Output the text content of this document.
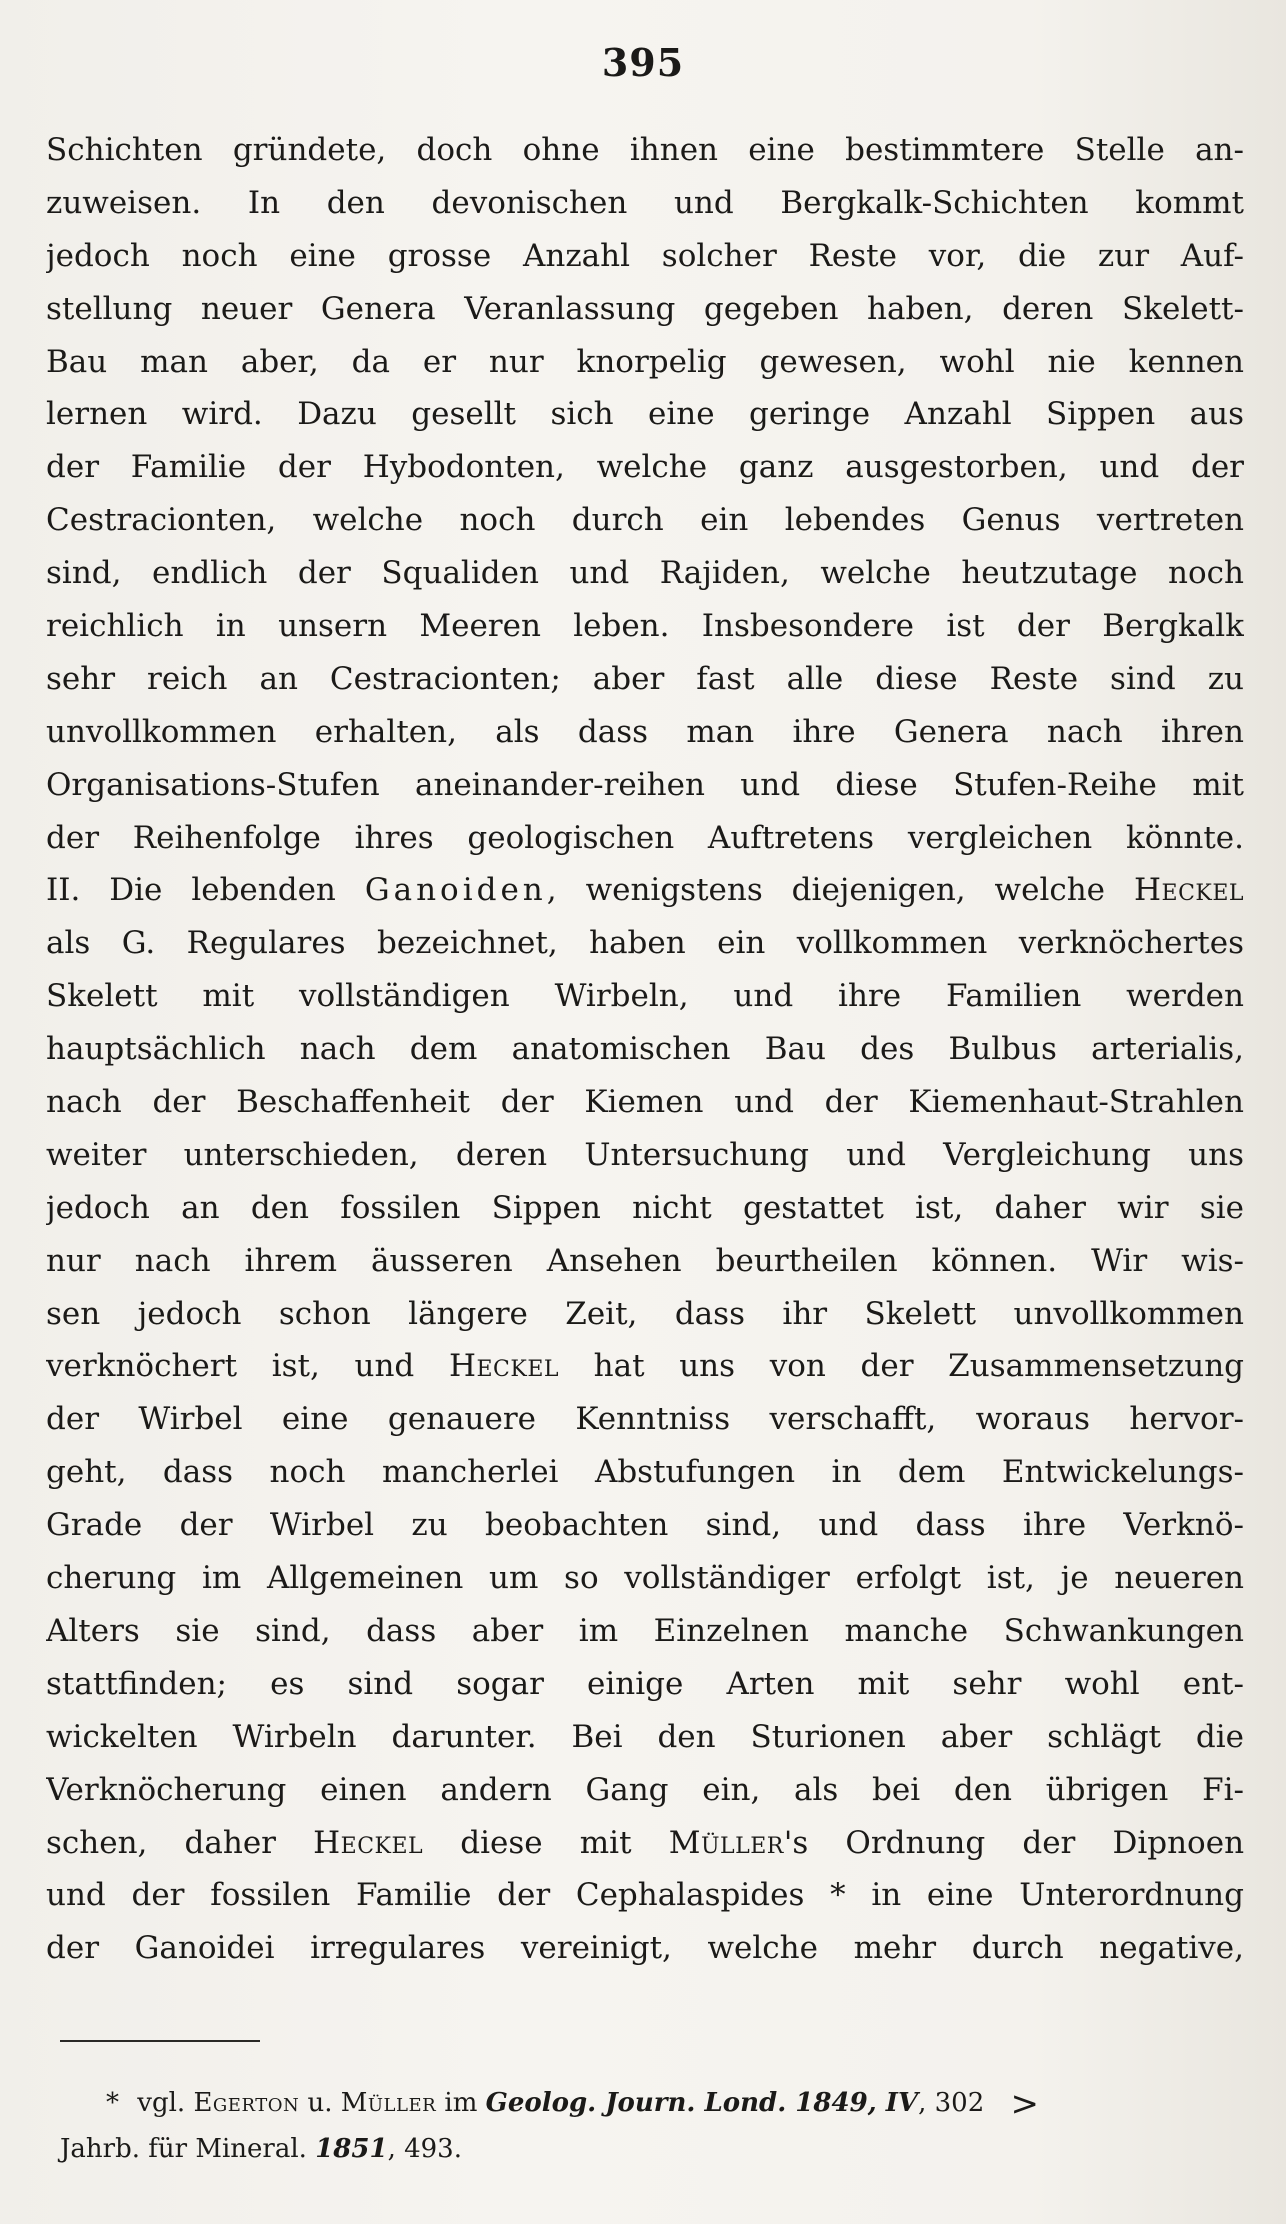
395
Schichten gründete, doch ohne ihnen eine bestimmtere Stelle an-
zuweisen. In den devonischen und Bergkalk-Schichten kommt
jedoch noch eine grosse Anzahl solcher Reste vor, die zur Auf-
stellung neuer Genera Veranlassung gegeben haben, deren Skelett-
Bau man aber, da er nur knorpelig gewesen, wohl nie kennen
lernen wird. Dazu gesellt sich eine geringe Anzahl Sippen aus
der Familie der Hybodonten, welche ganz ausgestorben, und der
Cestracionten, welche noch durch ein lebendes Genus vertreten
sind, endlich der Squaliden und Rajiden, welche heutzutage noch
reichlich in unsern Meeren leben. Insbesondere ist der Bergkalk
sehr reich an Cestracionten; aber fast alle diese Reste sind zu
unvollkommen erhalten, als dass man ihre Genera nach ihren
Organisations-Stufen aneinander-reihen und diese Stufen-Reihe mit
der Reihenfolge ihres geologischen Auftretens vergleichen könnte.
II. Die lebenden Ganoiden, wenigstens diejenigen, welche Heckel
als G. Regulares bezeichnet, haben ein vollkommen verknöchertes
Skelett mit vollständigen Wirbeln, und ihre Familien werden
hauptsächlich nach dem anatomischen Bau des Bulbus arterialis,
nach der Beschaffenheit der Kiemen und der Kiemenhaut-Strahlen
weiter unterschieden, deren Untersuchung und Vergleichung uns
jedoch an den fossilen Sippen nicht gestattet ist, daher wir sie
nur nach ihrem äusseren Ansehen beurtheilen können. Wir wis-
sen jedoch schon längere Zeit, dass ihr Skelett unvollkommen
verknöchert ist, und Heckel hat uns von der Zusammensetzung
der Wirbel eine genauere Kenntniss verschafft, woraus hervor-
geht, dass noch mancherlei Abstufungen in dem Entwickelungs-
Grade der Wirbel zu beobachten sind, und dass ihre Verknö-
cherung im Allgemeinen um so vollständiger erfolgt ist, je neueren
Alters sie sind, dass aber im Einzelnen manche Schwankungen
stattfinden; es sind sogar einige Arten mit sehr wohl ent-
wickelten Wirbeln darunter. Bei den Sturionen aber schlägt die
Verknöcherung einen andern Gang ein, als bei den übrigen Fi-
schen, daher Heckel diese mit Müller's Ordnung der Dipnoen
und der fossilen Familie der Cephalaspides * in eine Unterordnung
der Ganoidei irregulares vereinigt, welche mehr durch negative,
* vgl. Egerton u. Müller im Geolog. Journ. Lond. 1849, IV, 302 >
Jahrb. für Mineral. 1851, 493.
